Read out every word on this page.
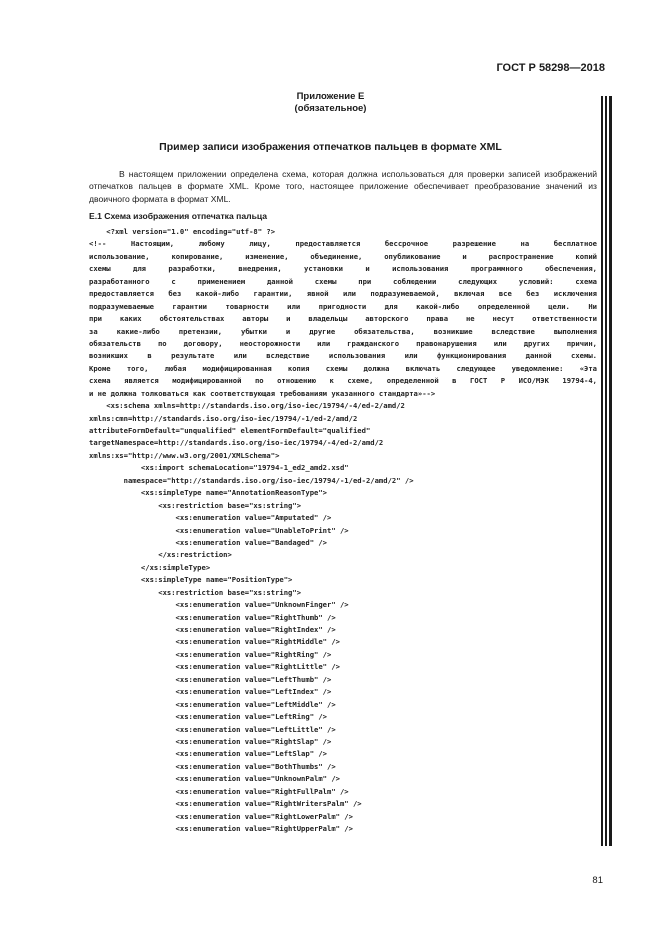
ГОСТ Р 58298—2018
Приложение Е
(обязательное)
Пример записи изображения отпечатков пальцев в формате XML

В настоящем приложении определена схема, которая должна использоваться для проверки записей изображений отпечатков пальцев в формате XML. Кроме того, настоящее приложение обеспечивает преобразование значений из двоичного формата в формат XML.

Е.1 Схема изображения отпечатка пальца
<?xml version="1.0" encoding="utf-8" ?>
<!-- Настоящим, любому лицу, предоставляется бессрочное разрешение на бесплатное
использование, копирование, изменение, объединение, опубликование и распространение копий
схемы для разработки, внедрения, установки и использования программного обеспечения,
разработанного с применением данной схемы при соблюдении следующих условий: схема
предоставляется без какой-либо гарантии, явной или подразумеваемой, включая все без исключения
подразумеваемые гарантии товарности или пригодности для какой-либо определенной цели. Ни
при каких обстоятельствах авторы и владельцы авторского права не несут ответственности
за какие-либо претензии, убытки и другие обязательства, возникшие вследствие выполнения
обязательств по договору, неосторожности или гражданского правонарушения или других причин,
возникших в результате или вследствие использования или функционирования данной схемы.
Кроме того, любая модифицированная копия схемы должна включать следующее уведомление: «Эта
схема является модифицированной по отношению к схеме, определенной в ГОСТ Р ИСО/МЭК 19794-4,
и не должна толковаться как соответствующая требованиям указанного стандарта»-->
<xs:schema xmlns=http://standards.iso.org/iso-iec/19794/-4/ed-2/amd/2
xmlns:cmn=http://standards.iso.org/iso-iec/19794/-1/ed-2/amd/2
attributeFormDefault="unqualified" elementFormDefault="qualified"
targetNamespace=http://standards.iso.org/iso-iec/19794/-4/ed-2/amd/2
xmlns:xs="http://www.w3.org/2001/XMLSchema">
<xs:import schemaLocation="19794-1_ed2_amd2.xsd"
namespace="http://standards.iso.org/iso-iec/19794/-1/ed-2/amd/2" />
<xs:simpleType name="AnnotationReasonType">
<xs:restriction base="xs:string">
<xs:enumeration value="Amputated" />
<xs:enumeration value="UnableToPrint" />
<xs:enumeration value="Bandaged" />
</xs:restriction>
</xs:simpleType>
<xs:simpleType name="PositionType">
<xs:restriction base="xs:string">
<xs:enumeration value="UnknownFinger" />
<xs:enumeration value="RightThumb" />
<xs:enumeration value="RightIndex" />
<xs:enumeration value="RightMiddle" />
<xs:enumeration value="RightRing" />
<xs:enumeration value="RightLittle" />
<xs:enumeration value="LeftThumb" />
<xs:enumeration value="LeftIndex" />
<xs:enumeration value="LeftMiddle" />
<xs:enumeration value="LeftRing" />
<xs:enumeration value="LeftLittle" />
<xs:enumeration value="RightSlap" />
<xs:enumeration value="LeftSlap" />
<xs:enumeration value="BothThumbs" />
<xs:enumeration value="UnknownPalm" />
<xs:enumeration value="RightFullPalm" />
<xs:enumeration value="RightWritersPalm" />
<xs:enumeration value="RightLowerPalm" />
<xs:enumeration value="RightUpperPalm" />
81
